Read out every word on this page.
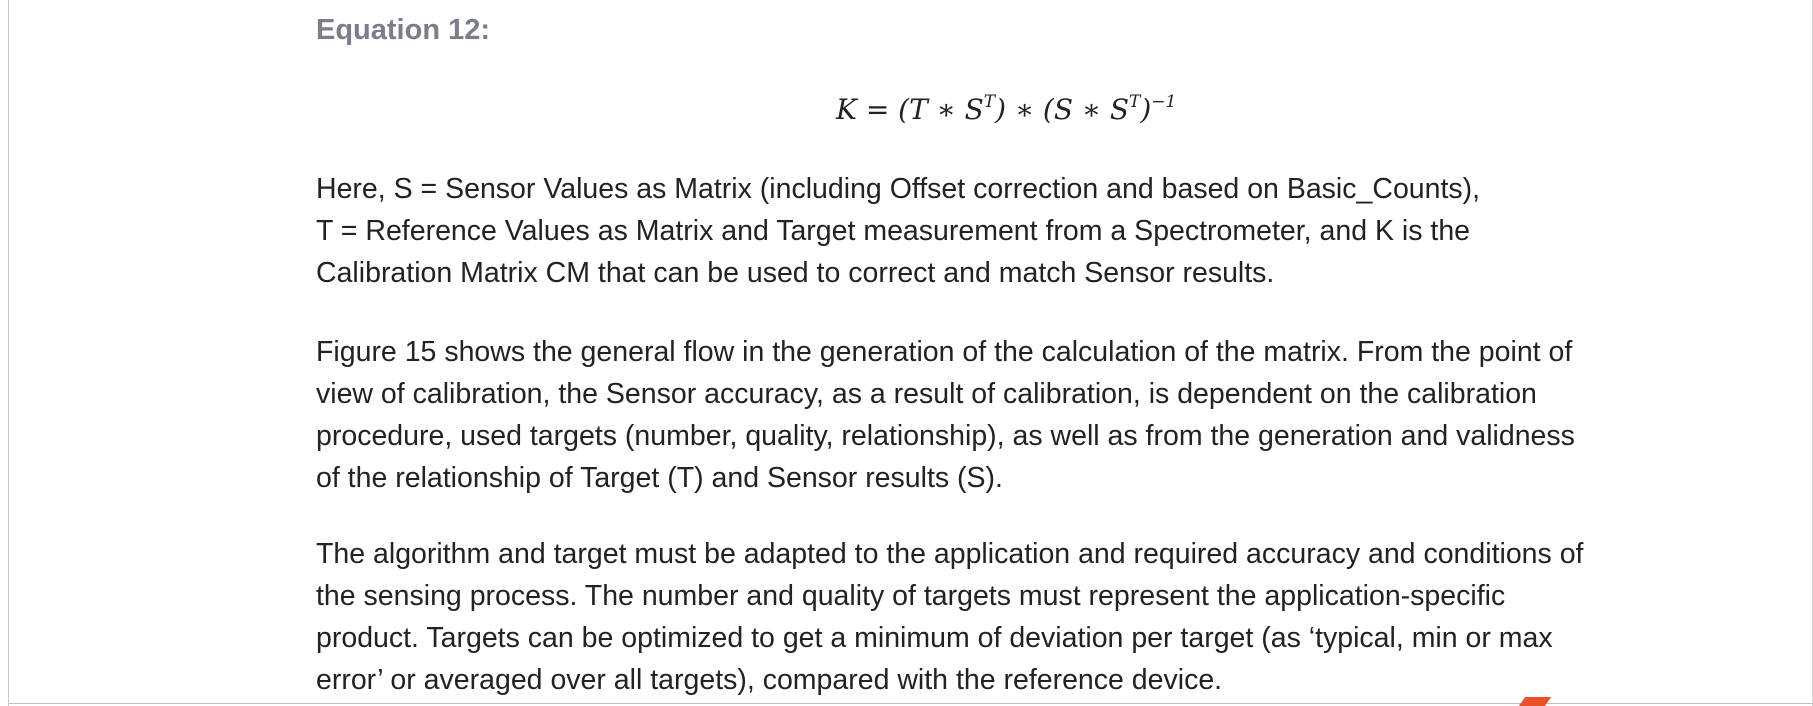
Equation 12:
K = (T ∗ $S^T$) ∗ (S ∗ $S^T)^{-1}$

Here, S = Sensor Values as Matrix (including Offset correction and based on Basic_Counts),
T = Reference Values as Matrix and Target measurement from a Spectrometer, and K is the
Calibration Matrix CM that can be used to correct and match Sensor results.

Figure 15 shows the general flow in the generation of the calculation of the matrix. From the point of
view of calibration, the Sensor accuracy, as a result of calibration, is dependent on the calibration
procedure, used targets (number, quality, relationship), as well as from the generation and validness
of the relationship of Target (T) and Sensor results (S).

The algorithm and target must be adapted to the application and required accuracy and conditions of
the sensing process. The number and quality of targets must represent the application-specific
product. Targets can be optimized to get a minimum of deviation per target (as ‘typical, min or max
error’ or averaged over all targets), compared with the reference device.
